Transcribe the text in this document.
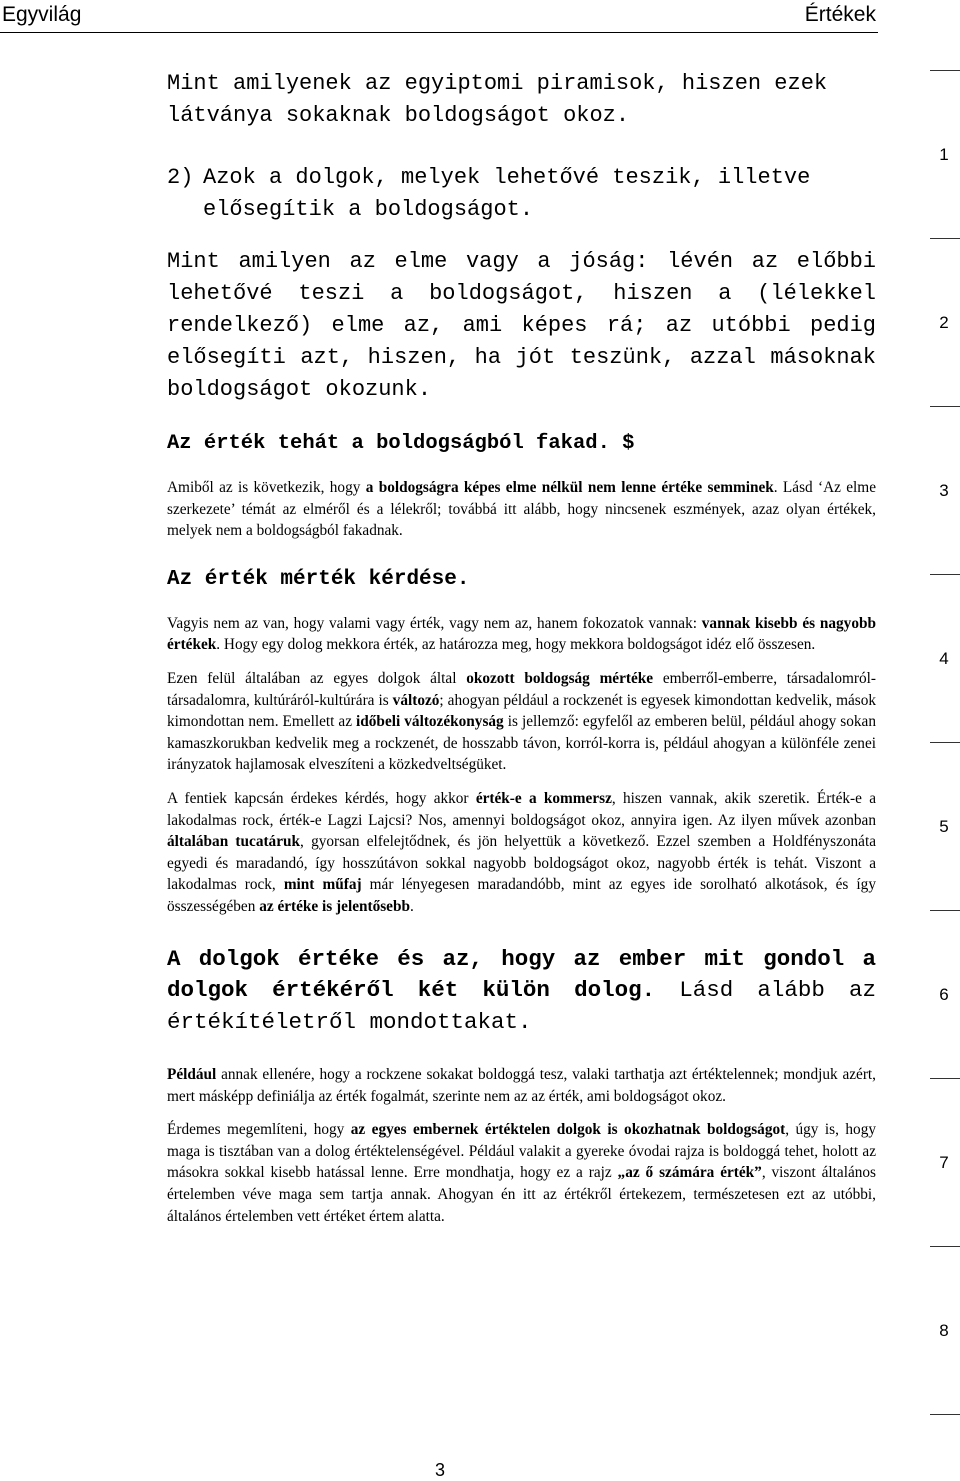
Egyvilág	Értékek

Mint amilyenek az egyiptomi piramisok, hiszen ezek látványa sokaknak boldogságot okoz.

2) Azok a dolgok, melyek lehetővé teszik, illetve elősegítik a boldogságot.

Mint amilyen az elme vagy a jóság: lévén az előbbi lehetővé teszi a boldogságot, hiszen a (lélekkel rendelkező) elme az, ami képes rá; az utóbbi pedig elősegíti azt, hiszen, ha jót teszünk, azzal másoknak boldogságot okozunk.

Az érték tehát a boldogságból fakad. $

Amiből az is következik, hogy a boldogságra képes elme nélkül nem lenne értéke semminek. Lásd ‘Az elme szerkezete’ témát az elméről és a lélekről; továbbá itt alább, hogy nincsenek eszmények, azaz olyan értékek, melyek nem a boldogságból fakadnak.

Az érték mérték kérdése.

Vagyis nem az van, hogy valami vagy érték, vagy nem az, hanem fokozatok vannak: vannak kisebb és nagyobb értékek. Hogy egy dolog mekkora érték, az határozza meg, hogy mekkora boldogságot idéz elő összesen.

Ezen felül általában az egyes dolgok által okozott boldogság mértéke emberről-emberre, társadalomról-társadalomra, kultúráról-kultúrára is változó; ahogyan például a rockzenét is egyesek kimondottan kedvelik, mások kimondottan nem. Emellett az időbeli változékonyság is jellemző: egyfelől az emberen belül, például ahogy sokan kamaszkorukban kedvelik meg a rockzenét, de hosszabb távon, korról-korra is, például ahogyan a különféle zenei irányzatok hajlamosak elveszíteni a közkedveltségüket.

A fentiek kapcsán érdekes kérdés, hogy akkor érték-e a kommersz, hiszen vannak, akik szeretik. Érték-e a lakodalmas rock, érték-e Lagzi Lajcsi? Nos, amennyi boldogságot okoz, annyira igen. Az ilyen művek azonban általában tucatáruk, gyorsan elfelejtődnek, és jön helyettük a következő. Ezzel szemben a Holdfényszonáta egyedi és maradandó, így hosszútávon sokkal nagyobb boldogságot okoz, nagyobb érték is tehát. Viszont a lakodalmas rock, mint műfaj már lényegesen maradandóbb, mint az egyes ide sorolható alkotások, és így összességében az értéke is jelentősebb.

A dolgok értéke és az, hogy az ember mit gondol a dolgok értékéről két külön dolog. Lásd alább az értékítéletről mondottakat.

Például annak ellenére, hogy a rockzene sokakat boldoggá tesz, valaki tarthatja azt értéktelennek; mondjuk azért, mert másképp definiálja az érték fogalmát, szerinte nem az az érték, ami boldogságot okoz.

Érdemes megemlíteni, hogy az egyes embernek értéktelen dolgok is okozhatnak boldogságot, úgy is, hogy maga is tisztában van a dolog értéktelenségével. Például valakit a gyereke óvodai rajza is boldoggá tehet, holott az másokra sokkal kisebb hatással lenne. Erre mondhatja, hogy ez a rajz „az ő számára érték”, viszont általános értelemben véve maga sem tartja annak. Ahogyan én itt az értékről értekezem, természetesen ezt az utóbbi, általános értelemben vett értéket értem alatta.

1
2
3
4
5
6
7
8
3
